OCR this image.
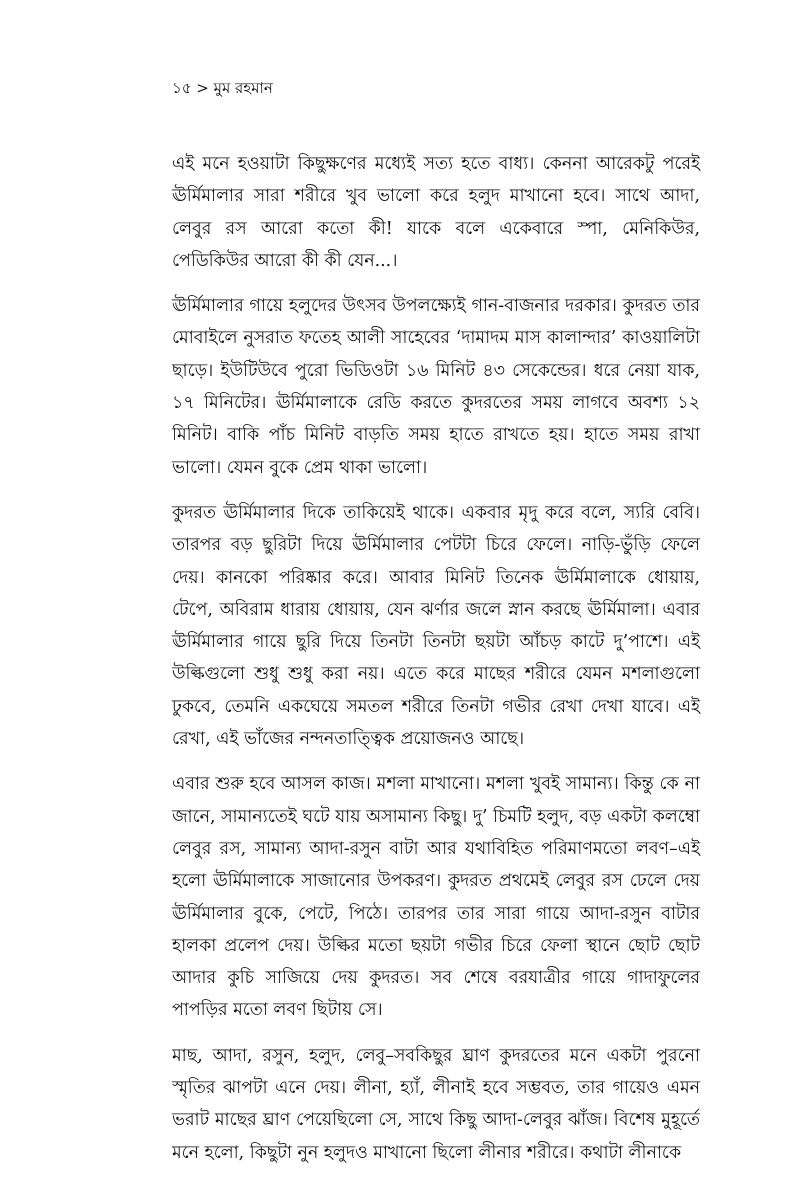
১৫ > মুম রহমান

এই মনে হওয়াটা কিছুক্ষণের মধ্যেই সত্য হতে বাধ্য। কেননা আরেকটু পরেই ঊর্মিমালার সারা শরীরে খুব ভালো করে হলুদ মাখানো হবে। সাথে আদা, লেবুর রস আরো কতো কী! যাকে বলে একেবারে স্পা, মেনিকিউর, পেডিকিউর আরো কী কী যেন...।

ঊর্মিমালার গায়ে হলুদের উৎসব উপলক্ষ্যেই গান-বাজনার দরকার। কুদরত তার মোবাইলে নুসরাত ফতেহ আলী সাহেবের ‘দামাদম মাস কালান্দার’ কাওয়ালিটা ছাড়ে। ইউটিউবে পুরো ভিডিওটা ১৬ মিনিট ৪৩ সেকেন্ডের। ধরে নেয়া যাক, ১৭ মিনিটের। ঊর্মিমালাকে রেডি করতে কুদরতের সময় লাগবে অবশ্য ১২ মিনিট। বাকি পাঁচ মিনিট বাড়তি সময় হাতে রাখতে হয়। হাতে সময় রাখা ভালো। যেমন বুকে প্রেম থাকা ভালো।

কুদরত ঊর্মিমালার দিকে তাকিয়েই থাকে। একবার মৃদু করে বলে, স্যরি বেবি। তারপর বড় ছুরিটা দিয়ে ঊর্মিমালার পেটটা চিরে ফেলে। নাড়ি-ভুঁড়ি ফেলে দেয়। কানকো পরিষ্কার করে। আবার মিনিট তিনেক ঊর্মিমালাকে ধোয়ায়, টেপে, অবিরাম ধারায় ধোয়ায়, যেন ঝর্ণার জলে স্নান করছে ঊর্মিমালা। এবার ঊর্মিমালার গায়ে ছুরি দিয়ে তিনটা তিনটা ছয়টা আঁচড় কাটে দু’পাশে। এই উল্কিগুলো শুধু শুধু করা নয়। এতে করে মাছের শরীরে যেমন মশলাগুলো ঢুকবে, তেমনি একঘেয়ে সমতল শরীরে তিনটা গভীর রেখা দেখা যাবে। এই রেখা, এই ভাঁজের নন্দনতাত্ত্বিক প্রয়োজনও আছে।

এবার শুরু হবে আসল কাজ। মশলা মাখানো। মশলা খুবই সামান্য। কিন্তু কে না জানে, সামান্যতেই ঘটে যায় অসামান্য কিছু। দু’ চিমটি হলুদ, বড় একটা কলম্বো লেবুর রস, সামান্য আদা-রসুন বাটা আর যথাবিহিত পরিমাণমতো লবণ–এই হলো ঊর্মিমালাকে সাজানোর উপকরণ। কুদরত প্রথমেই লেবুর রস ঢেলে দেয় ঊর্মিমালার বুকে, পেটে, পিঠে। তারপর তার সারা গায়ে আদা-রসুন বাটার হালকা প্রলেপ দেয়। উল্কির মতো ছয়টা গভীর চিরে ফেলা স্থানে ছোট ছোট আদার কুচি সাজিয়ে দেয় কুদরত। সব শেষে বরযাত্রীর গায়ে গাদাফুলের পাপড়ির মতো লবণ ছিটায় সে।

মাছ, আদা, রসুন, হলুদ, লেবু–সবকিছুর ঘ্রাণ কুদরতের মনে একটা পুরনো স্মৃতির ঝাপটা এনে দেয়। লীনা, হ্যাঁ, লীনাই হবে সম্ভবত, তার গায়েও এমন ভরাট মাছের ঘ্রাণ পেয়েছিলো সে, সাথে কিছু আদা-লেবুর ঝাঁজ। বিশেষ মুহূর্তে মনে হলো, কিছুটা নুন হলুদও মাখানো ছিলো লীনার শরীরে। কথাটা লীনাকে
